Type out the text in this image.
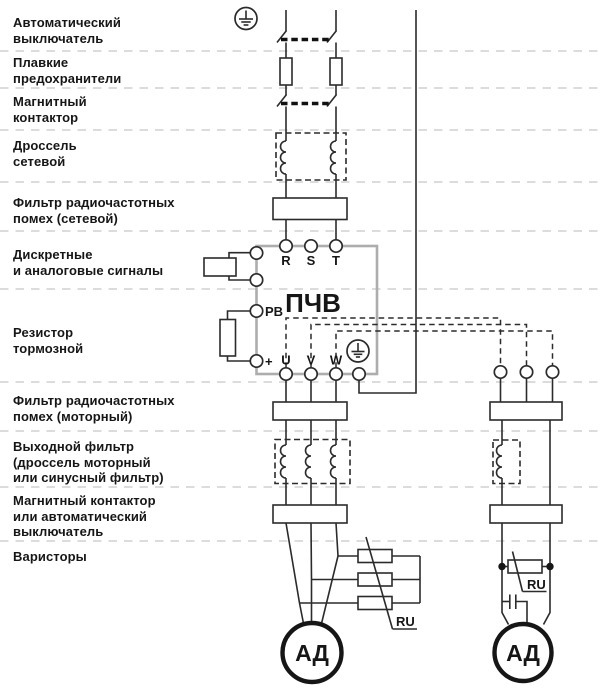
ПЧВ
R S T
PB
+ U V W
RU
АД
RU
АД
Автоматический
выключатель
Плавкие
предохранители
Магнитный
контактор
Дроссель
сетевой
Фильтр радиочастотных
помех (сетевой)
Дискретные
и аналоговые сигналы
Резистор
тормозной
Фильтр радиочастотных
помех (моторный)
Выходной фильтр
(дроссель моторный
или синусный фильтр)
Магнитный контактор
или автоматический
выключатель
Варисторы
